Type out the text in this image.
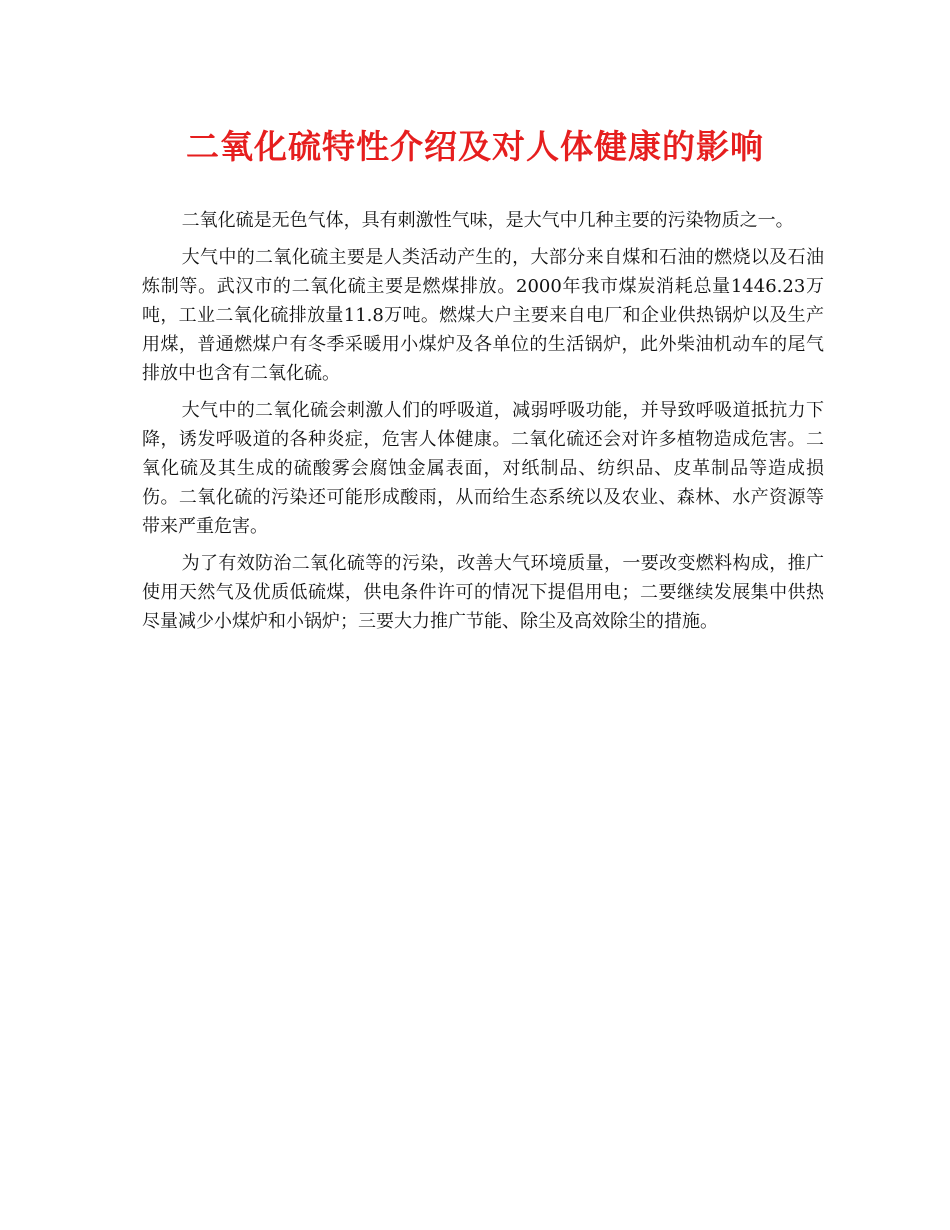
二氧化硫特性介绍及对人体健康的影响

二氧化硫是无色气体，具有刺激性气味，是大气中几种主要的污染物质之一。

大气中的二氧化硫主要是人类活动产生的，大部分来自煤和石油的燃烧以及石油炼制等。武汉市的二氧化硫主要是燃煤排放。2000年我市煤炭消耗总量1446.23万吨，工业二氧化硫排放量11.8万吨。燃煤大户主要来自电厂和企业供热锅炉以及生产用煤，普通燃煤户有冬季采暖用小煤炉及各单位的生活锅炉，此外柴油机动车的尾气排放中也含有二氧化硫。

大气中的二氧化硫会刺激人们的呼吸道，减弱呼吸功能，并导致呼吸道抵抗力下降，诱发呼吸道的各种炎症，危害人体健康。二氧化硫还会对许多植物造成危害。二氧化硫及其生成的硫酸雾会腐蚀金属表面，对纸制品、纺织品、皮革制品等造成损伤。二氧化硫的污染还可能形成酸雨，从而给生态系统以及农业、森林、水产资源等带来严重危害。

为了有效防治二氧化硫等的污染，改善大气环境质量，一要改变燃料构成，推广使用天然气及优质低硫煤，供电条件许可的情况下提倡用电；二要继续发展集中供热尽量减少小煤炉和小锅炉；三要大力推广节能、除尘及高效除尘的措施。
